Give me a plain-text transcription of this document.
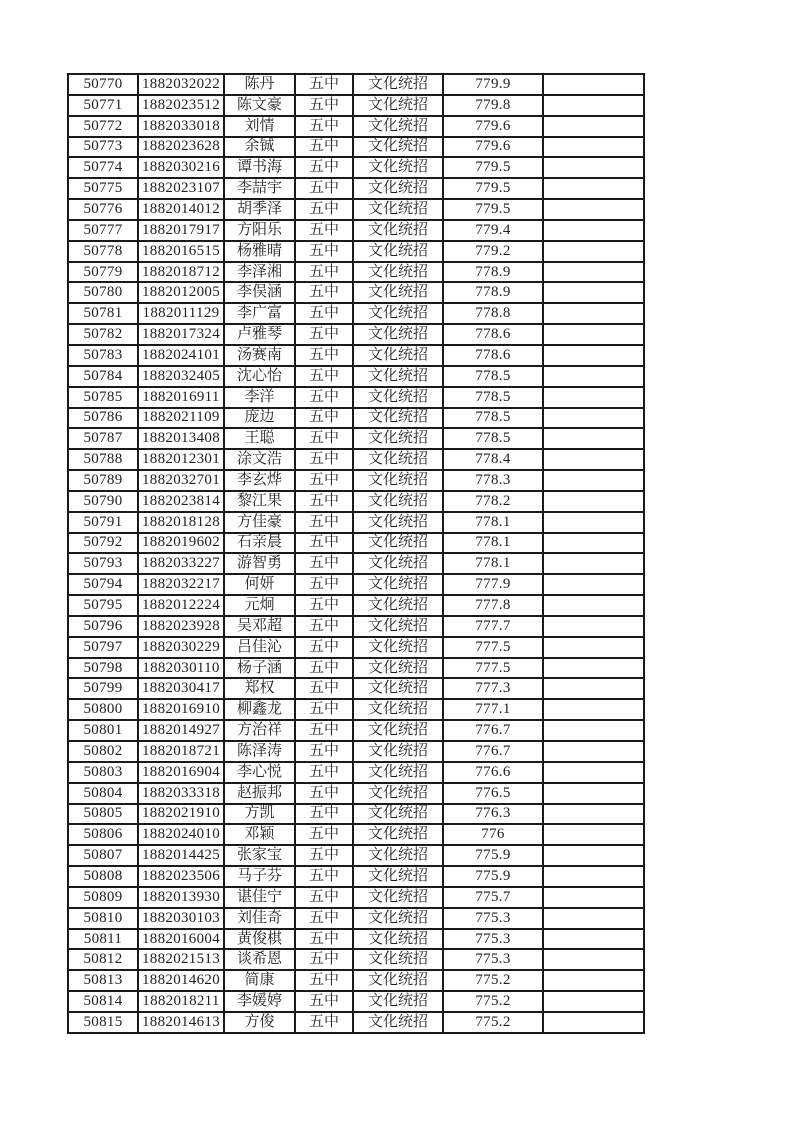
50770	1882032022	陈丹	五中	文化统招	779.9	
50771	1882023512	陈文豪	五中	文化统招	779.8	
50772	1882033018	刘情	五中	文化统招	779.6	
50773	1882023628	余铖	五中	文化统招	779.6	
50774	1882030216	谭书海	五中	文化统招	779.5	
50775	1882023107	李喆宇	五中	文化统招	779.5	
50776	1882014012	胡季泽	五中	文化统招	779.5	
50777	1882017917	方阳乐	五中	文化统招	779.4	
50778	1882016515	杨雅晴	五中	文化统招	779.2	
50779	1882018712	李泽湘	五中	文化统招	778.9	
50780	1882012005	李俣涵	五中	文化统招	778.9	
50781	1882011129	李广富	五中	文化统招	778.8	
50782	1882017324	卢雅琴	五中	文化统招	778.6	
50783	1882024101	汤赛南	五中	文化统招	778.6	
50784	1882032405	沈心怡	五中	文化统招	778.5	
50785	1882016911	李洋	五中	文化统招	778.5	
50786	1882021109	庞边	五中	文化统招	778.5	
50787	1882013408	王聪	五中	文化统招	778.5	
50788	1882012301	涂文浩	五中	文化统招	778.4	
50789	1882032701	李玄烨	五中	文化统招	778.3	
50790	1882023814	黎江果	五中	文化统招	778.2	
50791	1882018128	方佳豪	五中	文化统招	778.1	
50792	1882019602	石亲晨	五中	文化统招	778.1	
50793	1882033227	游智勇	五中	文化统招	778.1	
50794	1882032217	何妍	五中	文化统招	777.9	
50795	1882012224	元炯	五中	文化统招	777.8	
50796	1882023928	吴邓超	五中	文化统招	777.7	
50797	1882030229	吕佳沁	五中	文化统招	777.5	
50798	1882030110	杨子涵	五中	文化统招	777.5	
50799	1882030417	郑权	五中	文化统招	777.3	
50800	1882016910	柳鑫龙	五中	文化统招	777.1	
50801	1882014927	方治祥	五中	文化统招	776.7	
50802	1882018721	陈泽涛	五中	文化统招	776.7	
50803	1882016904	李心悦	五中	文化统招	776.6	
50804	1882033318	赵振邦	五中	文化统招	776.5	
50805	1882021910	方凯	五中	文化统招	776.3	
50806	1882024010	邓颖	五中	文化统招	776	
50807	1882014425	张家宝	五中	文化统招	775.9	
50808	1882023506	马子芬	五中	文化统招	775.9	
50809	1882013930	谌佳宁	五中	文化统招	775.7	
50810	1882030103	刘佳奇	五中	文化统招	775.3	
50811	1882016004	黄俊棋	五中	文化统招	775.3	
50812	1882021513	谈希恩	五中	文化统招	775.3	
50813	1882014620	简康	五中	文化统招	775.2	
50814	1882018211	李媛婷	五中	文化统招	775.2	
50815	1882014613	方俊	五中	文化统招	775.2	
